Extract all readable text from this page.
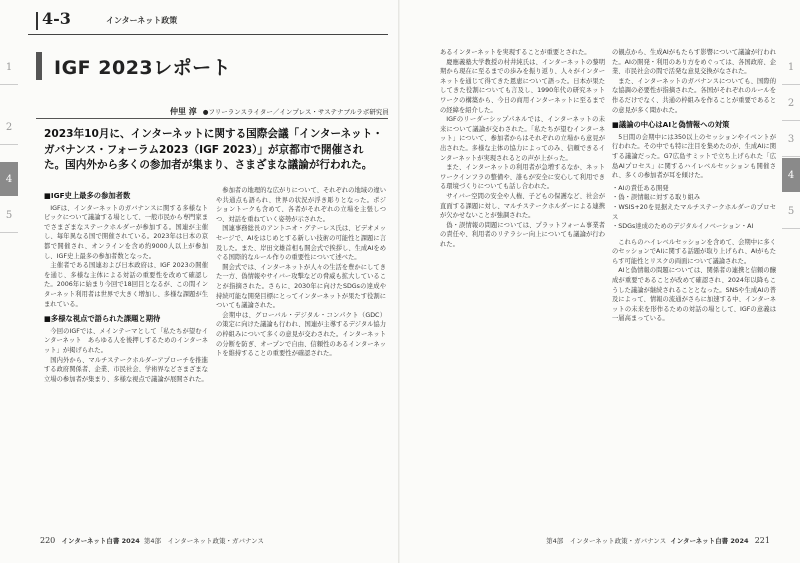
1
2
4
5
4-3	インターネット政策
IGF 2023レポート
仲里 淳 ●フリーランスライター／インプレス・サステナブルラボ研究員
2023年10月に、インターネットに関する国際会議「インターネット・ガバナンス・フォーラム2023（IGF 2023）」が京都市で開催された。国内外から多くの参加者が集まり、さまざまな議論が行われた。
■IGF史上最多の参加者数

IGFは、インターネットのガバナンスに関する多様なトピックについて議論する場として、一般市民から専門家までさまざまなステークホルダーが参加する。国連が主催し、毎年異なる国で開催されている。2023年は日本の京都で開催され、オンラインを含め約9000人以上が参加し、IGF史上最多の参加者数となった。

主催者である国連および日本政府は、IGF 2023の開催を通じ、多様な主体による対話の重要性を改めて確認した。2006年に始まり今回で18回目となるが、この間インターネット利用者は世界で大きく増加し、多様な課題が生まれている。

■多様な視点で語られた課題と期待

今回のIGFでは、メインテーマとして「私たちが望むインターネット　あらゆる人を後押しするためのインターネット」が掲げられた。

国内外から、マルチステークホルダーアプローチを推進する政府関係者、企業、市民社会、学術界などさまざまな立場の参加者が集まり、多様な視点で議論が展開された。

参加者の地理的な広がりについて、それぞれの地域の違いや共通点も語られ、世界の状況が浮き彫りとなった。ポジショントークも含めて、各者がそれぞれの立場を主張しつつ、対話を重ねていく姿勢が示された。

国連事務総長のアントニオ・グテーレス氏は、ビデオメッセージで、AIをはじめとする新しい技術の可能性と課題に言及した。また、岸田文雄首相も開会式で挨拶し、生成AIをめぐる国際的なルール作りの重要性について述べた。

開会式では、インターネットが人々の生活を豊かにしてきた一方、偽情報やサイバー攻撃などの脅威も拡大していることが指摘された。さらに、2030年に向けたSDGsの達成や持続可能な開発目標にとってインターネットが果たす役割についても議論された。

会期中は、グローバル・デジタル・コンパクト（GDC）の策定に向けた議論も行われ、国連が主導するデジタル協力の枠組みについて多くの意見が交わされた。インターネットの分断を防ぎ、オープンで自由、信頼性のあるインターネットを維持することの重要性が確認された。

220 インターネット白書 2024 第4部　インターネット政策・ガバナンス
1
2
3
4
5

あるインターネットを実現することが重要とされた。

慶應義塾大学教授の村井純氏は、インターネットの黎明期から現在に至るまでの歩みを振り返り、人々がインターネットを通じて得てきた恩恵について語った。日本が果たしてきた役割についても言及し、1990年代の研究ネットワークの構築から、今日の商用インターネットに至るまでの経緯を紹介した。

IGFのリーダーシップパネルでは、インターネットの未来について議論が交わされた。「私たちが望むインターネット」について、参加者からはそれぞれの立場から意見が出された。多様な主体の協力によってのみ、信頼できるインターネットが実現されるとの声が上がった。

また、インターネットの利用者が急増するなか、ネットワークインフラの整備や、誰もが安全に安心して利用できる環境づくりについても話し合われた。

サイバー空間の安全や人権、子どもの保護など、社会が直面する課題に対し、マルチステークホルダーによる連携が欠かせないことが強調された。

偽・誤情報の問題については、プラットフォーム事業者の責任や、利用者のリテラシー向上についても議論が行われた。

の観点から、生成AIがもたらす影響について議論が行われた。AIの開発・利用のあり方をめぐっては、各国政府、企業、市民社会の間で活発な意見交換がなされた。

また、インターネットのガバナンスについても、国際的な協調の必要性が指摘された。各国がそれぞれのルールを作るだけでなく、共通の枠組みを作ることが重要であるとの意見が多く聞かれた。

■議論の中心はAIと偽情報への対策

5日間の会期中には350以上のセッションやイベントが行われた。その中でも特に注目を集めたのが、生成AIに関する議論だった。G7広島サミットで立ち上げられた「広島AIプロセス」に関するハイレベルセッションも開催され、多くの参加者が耳を傾けた。

・AIの責任ある開発
・偽・誤情報に対する取り組み
・WSIS+20を見据えたマルチステークホルダーのプロセス
・SDGs達成のためのデジタルイノベーション・AI

これらのハイレベルセッションを含めて、会期中に多くのセッションでAIに関する話題が取り上げられ、AIがもたらす可能性とリスクの両面について議論された。

AIと偽情報の問題については、関係者の連携と信頼の醸成が重要であることが改めて確認され、2024年以降もこうした議論が継続されることとなった。SNSや生成AIの普及によって、情報の流通がさらに加速する中、インターネットの未来を形作るための対話の場として、IGFの意義は一層高まっている。

第4部　インターネット政策・ガバナンス インターネット白書 2024 221
